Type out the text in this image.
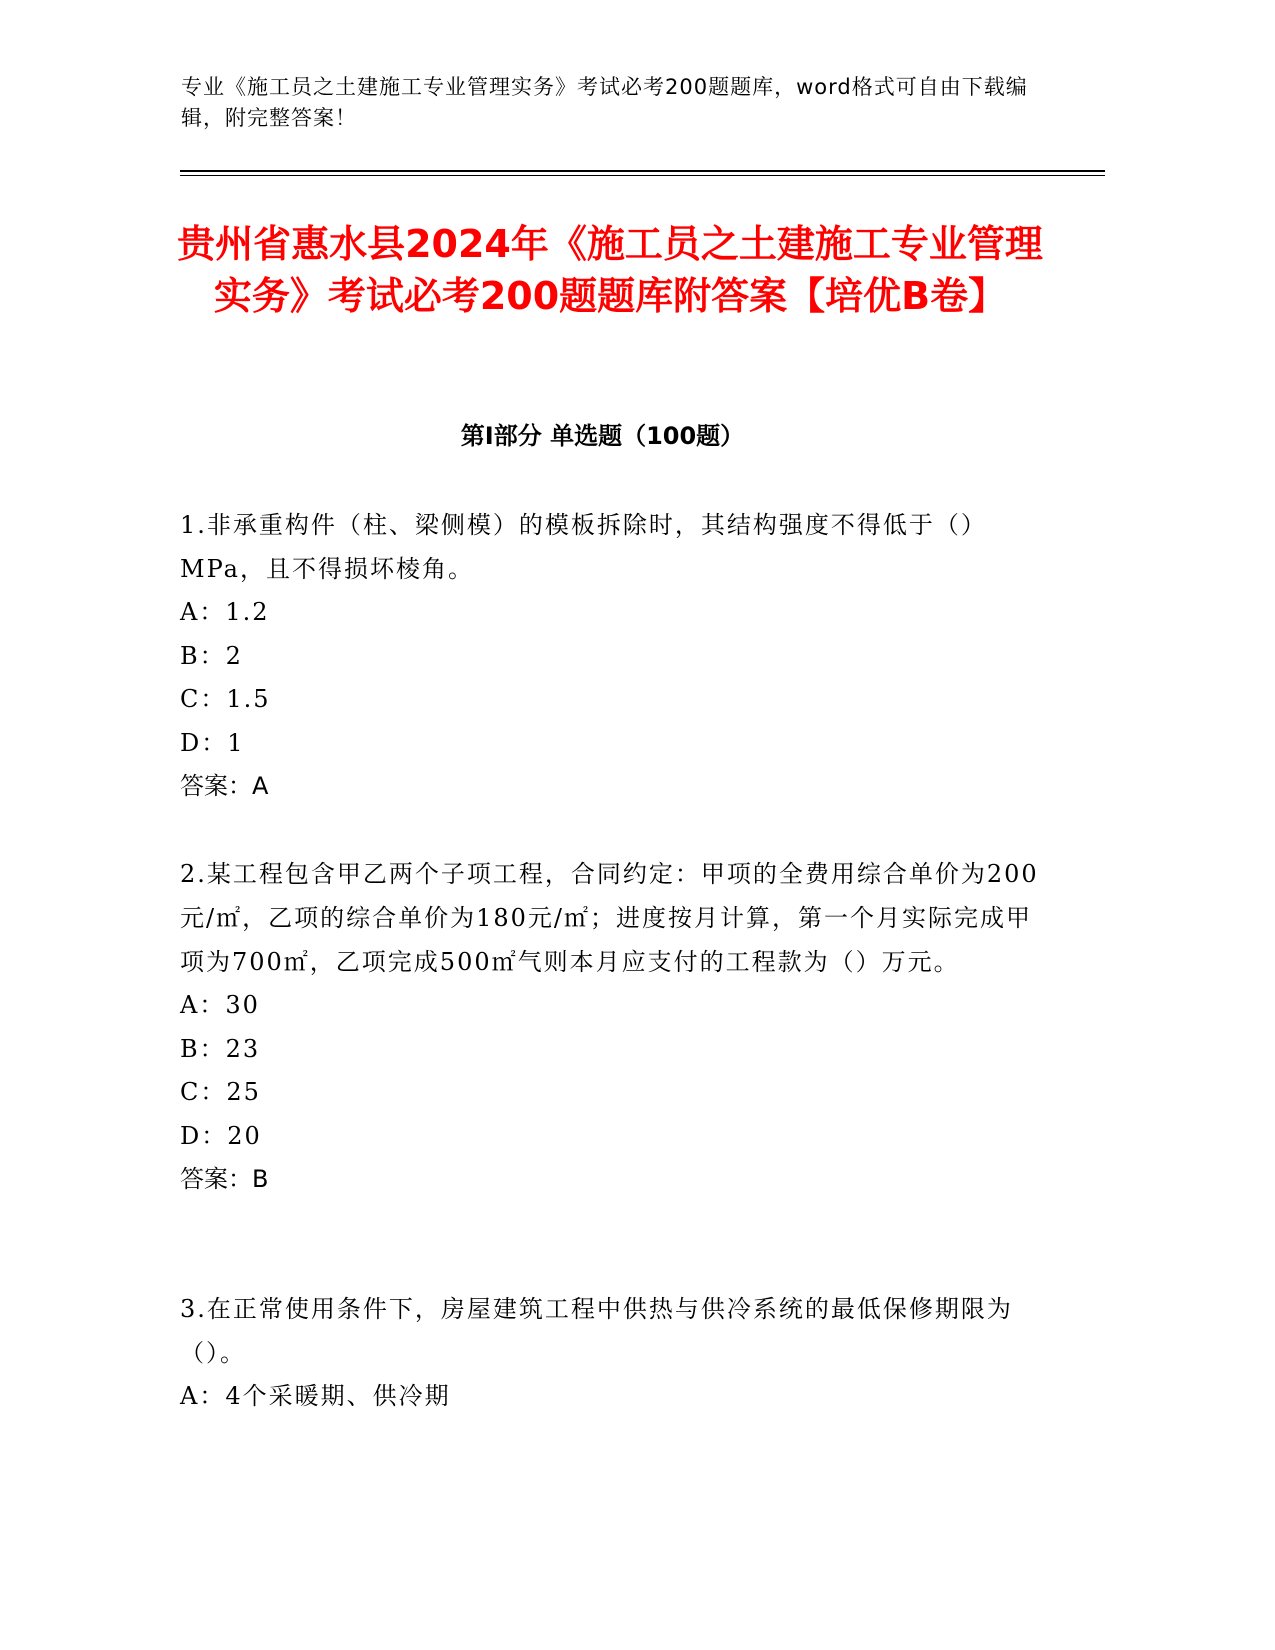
专业《施工员之土建施工专业管理实务》考试必考200题题库，word格式可自由下载编辑，附完整答案！
贵州省惠水县2024年《施工员之土建施工专业管理实务》考试必考200题题库附答案【培优B卷】
第I部分 单选题（100题）

1.非承重构件（柱、梁侧模）的模板拆除时，其结构强度不得低于（）MPa，且不得损坏棱角。

A：1.2

B：2

C：1.5

D：1

答案：A

2.某工程包含甲乙两个子项工程，合同约定：甲项的全费用综合单价为200元/㎡，乙项的综合单价为180元/㎡；进度按月计算，第一个月实际完成甲项为700㎡，乙项完成500㎡气则本月应支付的工程款为（）万元。

A：30

B：23

C：25

D：20

答案：B

3.在正常使用条件下，房屋建筑工程中供热与供冷系统的最低保修期限为（）。

A：4个采暖期、供冷期
